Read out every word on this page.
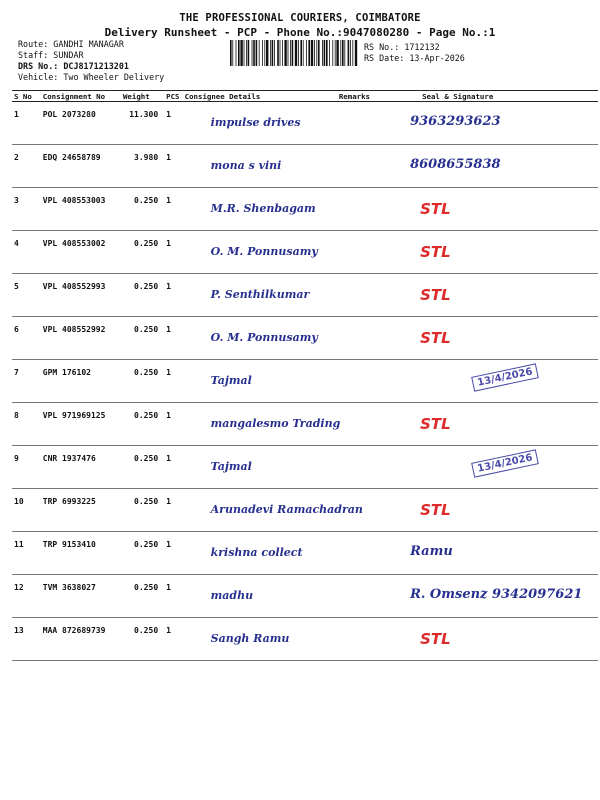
THE PROFESSIONAL COURIERS, COIMBATORE
Delivery Runsheet - PCP - Phone No.:9047080280 - Page No.:1
Route: GANDHI MANAGAR
Staff: SUNDAR
DRS No.: DCJ8171213201
Vehicle: Two Wheeler Delivery
RS No.: 1712132
RS Date: 13-Apr-2026
S No	Consignment No	Weight	PCS	Consignee Details	Remarks	Seal & Signature
1	POL 2073280	11.300	1	impulse drives		9363293623

2	EDQ 24658789	3.980	1	mona s vini		8608655838

3	VPL 408553003	0.250	1	M.R. Shenbagam		STL

4	VPL 408553002	0.250	1	O. M. Ponnusamy		STL

5	VPL 408552993	0.250	1	P. Senthilkumar		STL

6	VPL 408552992	0.250	1	O. M. Ponnusamy		STL

7	GPM 176102	0.250	1	Tajmal		13/4/2026

8	VPL 971969125	0.250	1	mangalesmo Trading		STL

9	CNR 1937476	0.250	1	Tajmal		13/4/2026

10	TRP 6993225	0.250	1	Arunadevi Ramachadran		STL

11	TRP 9153410	0.250	1	krishna collect		Ramu

12	TVM 3638027	0.250	1	madhu		R. Omsenz 9342097621

13	MAA 872689739	0.250	1	Sangh Ramu		STL
